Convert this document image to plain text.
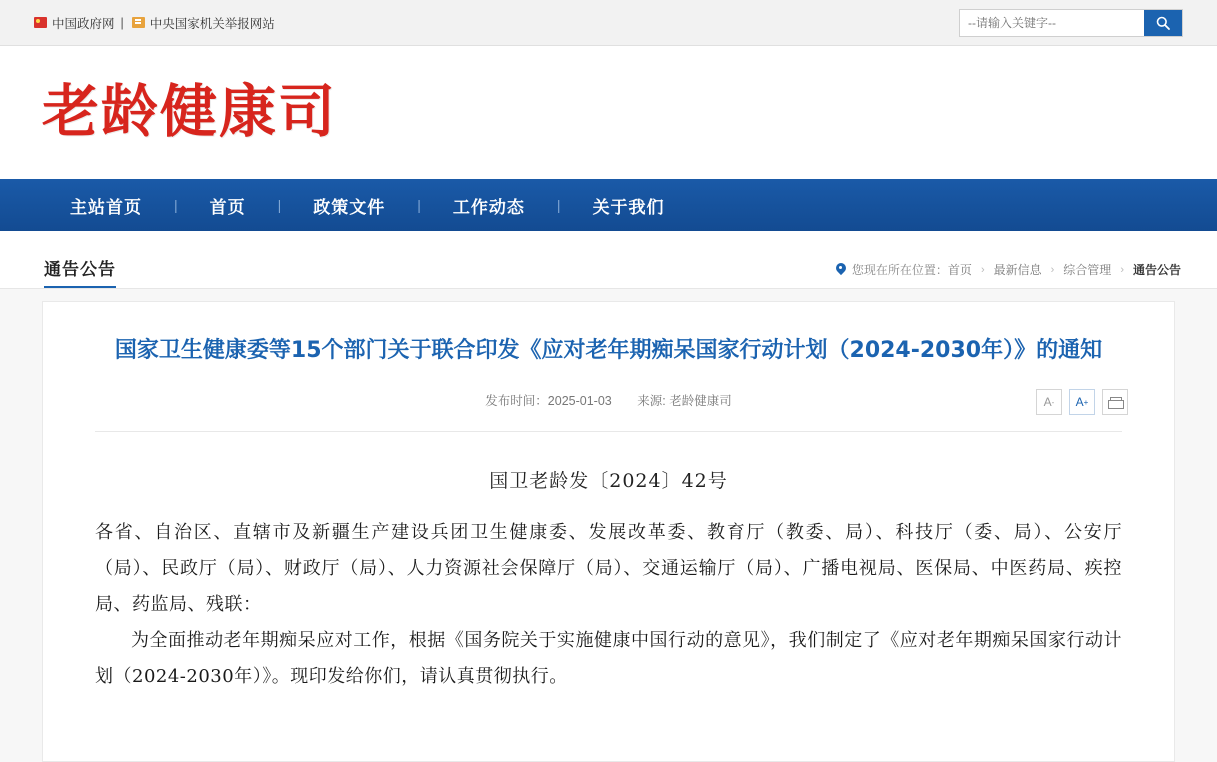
中国政府网 | 中央国家机关举报网站
--请输入关键字--
老龄健康司
主站首页	|	首页	|	政策文件	|	工作动态	|	关于我们
通告公告	您现在所在位置： 首页 › 最新信息 › 综合管理 › 通告公告
国家卫生健康委等15个部门关于联合印发《应对老年期痴呆国家行动计划（2024-2030年）》的通知
发布时间：2025-01-03 来源: 老龄健康司	A - A +
国卫老龄发〔2024〕42号

各省、自治区、直辖市及新疆生产建设兵团卫生健康委、发展改革委、教育厅（教委、局）、科技厅（委、局）、公安厅（局）、民政厅（局）、财政厅（局）、人力资源社会保障厅（局）、交通运输厅（局）、广播电视局、医保局、中医药局、疾控局、药监局、残联：

为全面推动老年期痴呆应对工作，根据《国务院关于实施健康中国行动的意见》，我们制定了《应对老年期痴呆国家行动计划（2024-2030年）》。现印发给你们，请认真贯彻执行。
